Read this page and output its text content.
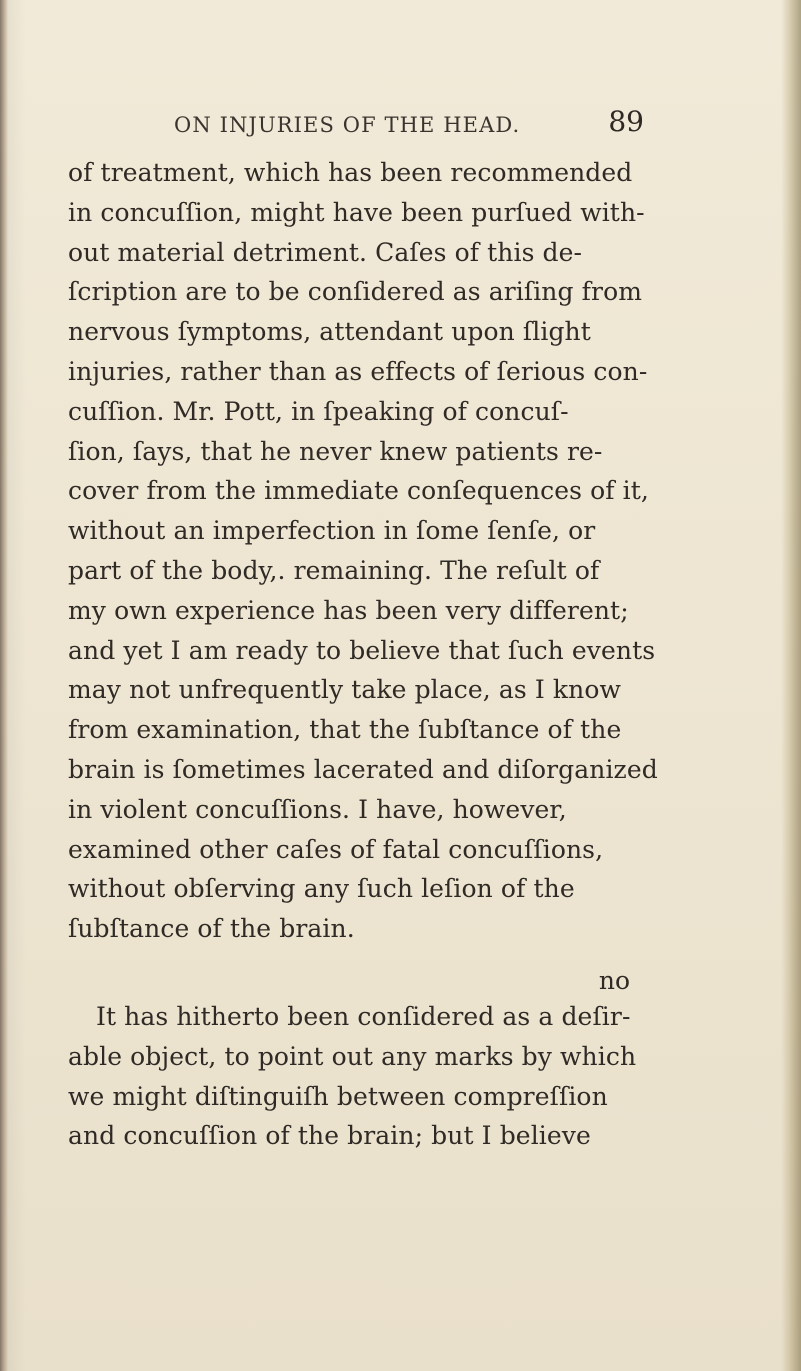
ON INJURIES OF THE HEAD.	89
of treatment, which has been recommended
in concuſſion, might have been purſued with-
out material detriment. Caſes of this de-
ſcription are to be conſidered as ariſing from
nervous ſymptoms, attendant upon ſlight
injuries, rather than as effects of ſerious con-
cuſſion. Mr. Pott, in ſpeaking of concuſ-
ſion, ſays, that he never knew patients re-
cover from the immediate conſequences of it,
without an imperfection in ſome ſenſe, or
part of the body,. remaining. The reſult of
my own experience has been very different;
and yet I am ready to believe that ſuch events
may not unfrequently take place, as I know
from examination, that the ſubſtance of the
brain is ſometimes lacerated and diſorganized
in violent concuſſions. I have, however,
examined other caſes of fatal concuſſions,
without obſerving any ſuch leſion of the
ſubſtance of the brain.
It has hitherto been conſidered as a deſir-
able object, to point out any marks by which
we might diſtinguiſh between compreſſion
and concuſſion of the brain; but I believe
no
